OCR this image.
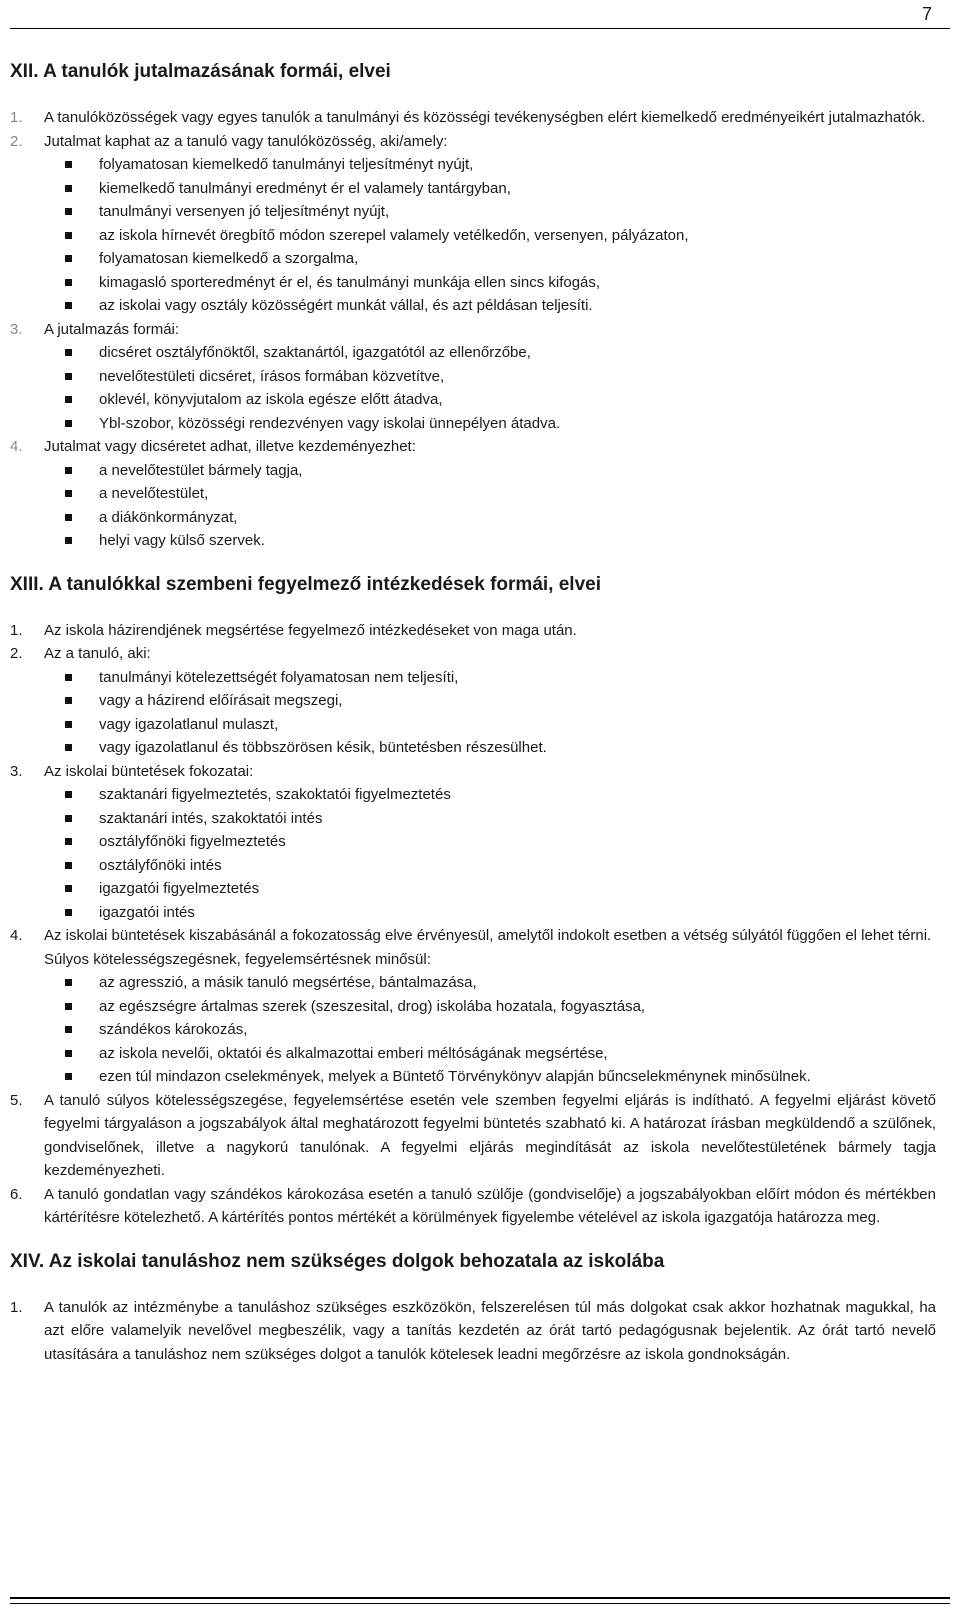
7
XII. A tanulók jutalmazásának formái, elvei
1. A tanulóközösségek vagy egyes tanulók a tanulmányi és közösségi tevékenységben elért kiemelkedő eredményeikért jutalmazhatók.
2. Jutalmat kaphat az a tanuló vagy tanulóközösség, aki/amely:
folyamatosan kiemelkedő tanulmányi teljesítményt nyújt,
kiemelkedő tanulmányi eredményt ér el valamely tantárgyban,
tanulmányi versenyen jó teljesítményt nyújt,
az iskola hírnevét öregbítő módon szerepel valamely vetélkedőn, versenyen, pályázaton,
folyamatosan kiemelkedő a szorgalma,
kimagasló sporteredményt ér el, és tanulmányi munkája ellen sincs kifogás,
az iskolai vagy osztály közösségért munkát vállal, és azt példásan teljesíti.
3. A jutalmazás formái:
dicséret osztályfőnöktől, szaktanártól, igazgatótól az ellenőrzőbe,
nevelőtestületi dicséret, írásos formában közvetítve,
oklevél, könyvjutalom az iskola egésze előtt átadva,
Ybl-szobor, közösségi rendezvényen vagy iskolai ünnepélyen átadva.
4. Jutalmat vagy dicséretet adhat, illetve kezdeményezhet:
a nevelőtestület bármely tagja,
a nevelőtestület,
a diákönkormányzat,
helyi vagy külső szervek.
XIII. A tanulókkal szembeni fegyelmező intézkedések formái, elvei
1. Az iskola házirendjének megsértése fegyelmező intézkedéseket von maga után.
2. Az a tanuló, aki:
tanulmányi kötelezettségét folyamatosan nem teljesíti,
vagy a házirend előírásait megszegi,
vagy igazolatlanul mulaszt,
vagy igazolatlanul és többszörösen késik, büntetésben részesülhet.
3. Az iskolai büntetések fokozatai:
szaktanári figyelmeztetés, szakoktatói figyelmeztetés
szaktanári intés, szakoktatói intés
osztályfőnöki figyelmeztetés
osztályfőnöki intés
igazgatói figyelmeztetés
igazgatói intés
4. Az iskolai büntetések kiszabásánál a fokozatosság elve érvényesül, amelytől indokolt esetben a vétség súlyától függően el lehet térni.
Súlyos kötelességszegésnek, fegyelemsértésnek minősül:
az agresszió, a másik tanuló megsértése, bántalmazása,
az egészségre ártalmas szerek (szeszesital, drog) iskolába hozatala, fogyasztása,
szándékos károkozás,
az iskola nevelői, oktatói és alkalmazottai emberi méltóságának megsértése,
ezen túl mindazon cselekmények, melyek a Büntető Törvénykönyv alapján bűncselekménynek minősülnek.
5. A tanuló súlyos kötelességszegése, fegyelemsértése esetén vele szemben fegyelmi eljárás is indítható. A fegyelmi eljárást követő fegyelmi tárgyaláson a jogszabályok által meghatározott fegyelmi büntetés szabható ki. A határozat írásban megküldendő a szülőnek, gondviselőnek, illetve a nagykorú tanulónak. A fegyelmi eljárás megindítását az iskola nevelőtestületének bármely tagja kezdeményezheti.
6. A tanuló gondatlan vagy szándékos károkozása esetén a tanuló szülője (gondviselője) a jogszabályokban előírt módon és mértékben kártérítésre kötelezhető. A kártérítés pontos mértékét a körülmények figyelembe vételével az iskola igazgatója határozza meg.
XIV. Az iskolai tanuláshoz nem szükséges dolgok behozatala az iskolába
1. A tanulók az intézménybe a tanuláshoz szükséges eszközökön, felszerelésen túl más dolgokat csak akkor hozhatnak magukkal, ha azt előre valamelyik nevelővel megbeszélik, vagy a tanítás kezdetén az órát tartó pedagógusnak bejelentik. Az órát tartó nevelő utasítására a tanuláshoz nem szükséges dolgot a tanulók kötelesek leadni megőrzésre az iskola gondnokságán.
